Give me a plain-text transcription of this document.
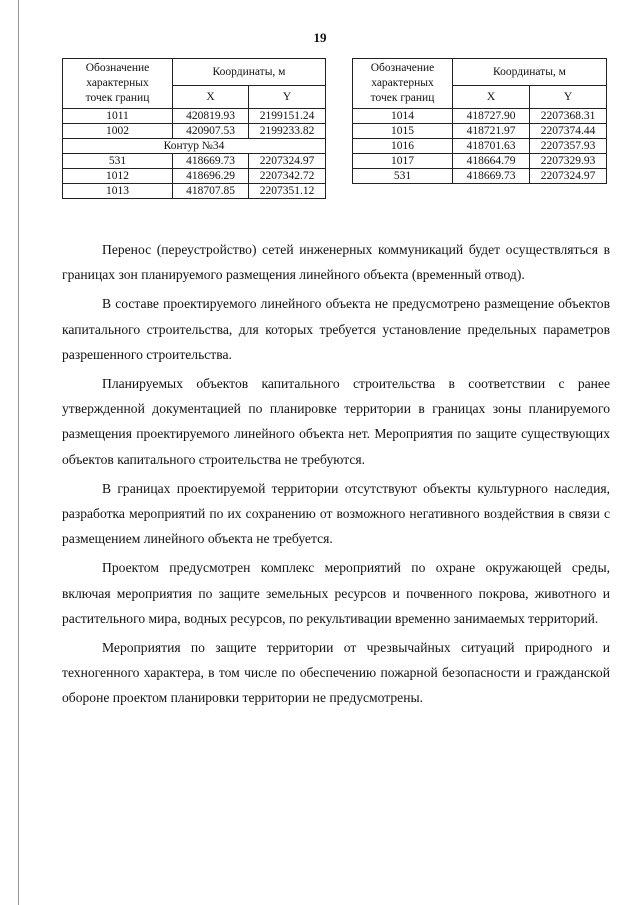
19
Обозначение
характерных
точек границ	Координаты, м	
	X	Y
1011	420819.93	2199151.24
1002	420907.53	2199233.82
Контур №34		
531	418669.73	2207324.97
1012	418696.29	2207342.72
1013	418707.85	2207351.12
Обозначение
характерных
точек границ	Координаты, м	
	X	Y
1014	418727.90	2207368.31
1015	418721.97	2207374.44
1016	418701.63	2207357.93
1017	418664.79	2207329.93
531	418669.73	2207324.97

Перенос (переустройство) сетей инженерных коммуникаций будет осуществляться в границах зон планируемого размещения линейного объекта (временный отвод).

В составе проектируемого линейного объекта не предусмотрено размещение объектов капитального строительства, для которых требуется установление предельных параметров разрешенного строительства.

Планируемых объектов капитального строительства в соответствии с ранее утвержденной документацией по планировке территории в границах зоны планируемого размещения проектируемого линейного объекта нет. Мероприятия по защите существующих объектов капитального строительства не требуются.

В границах проектируемой территории отсутствуют объекты культурного наследия, разработка мероприятий по их сохранению от возможного негативного воздействия в связи с размещением линейного объекта не требуется.

Проектом предусмотрен комплекс мероприятий по охране окружающей среды, включая мероприятия по защите земельных ресурсов и почвенного покрова, животного и растительного мира, водных ресурсов, по рекультивации временно занимаемых территорий.

Мероприятия по защите территории от чрезвычайных ситуаций природного и техногенного характера, в том числе по обеспечению пожарной безопасности и гражданской обороне проектом планировки территории не предусмотрены.
